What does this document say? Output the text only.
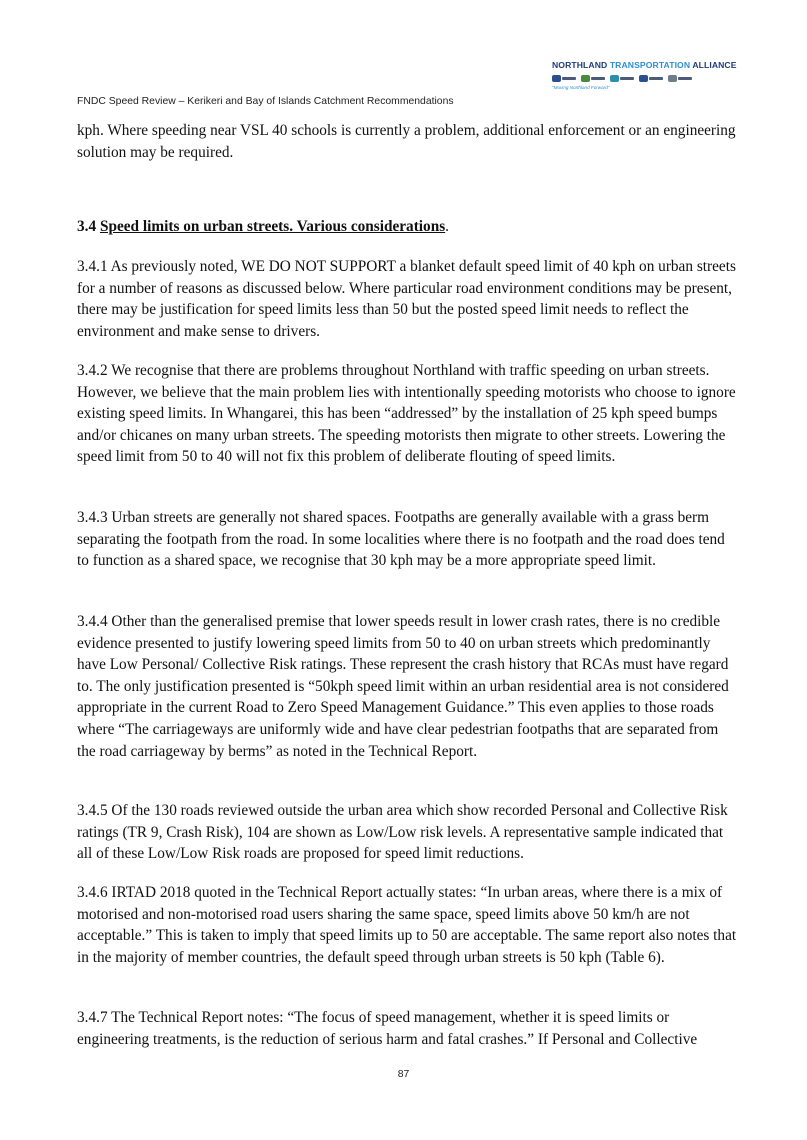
NORTHLAND TRANSPORTATION ALLIANCE
"Moving Northland Forward"
FNDC Speed Review – Kerikeri and Bay of Islands Catchment Recommendations

kph. Where speeding near VSL 40 schools is currently a problem, additional enforcement or an engineering solution may be required.

3.4 Speed limits on urban streets. Various considerations.

3.4.1 As previously noted, WE DO NOT SUPPORT a blanket default speed limit of 40 kph on urban streets for a number of reasons as discussed below. Where particular road environment conditions may be present, there may be justification for speed limits less than 50 but the posted speed limit needs to reflect the environment and make sense to drivers.

3.4.2 We recognise that there are problems throughout Northland with traffic speeding on urban streets. However, we believe that the main problem lies with intentionally speeding motorists who choose to ignore existing speed limits. In Whangarei, this has been “addressed” by the installation of 25 kph speed bumps and/or chicanes on many urban streets. The speeding motorists then migrate to other streets. Lowering the speed limit from 50 to 40 will not fix this problem of deliberate flouting of speed limits.

3.4.3 Urban streets are generally not shared spaces. Footpaths are generally available with a grass berm separating the footpath from the road. In some localities where there is no footpath and the road does tend to function as a shared space, we recognise that 30 kph may be a more appropriate speed limit.

3.4.4 Other than the generalised premise that lower speeds result in lower crash rates, there is no credible evidence presented to justify lowering speed limits from 50 to 40 on urban streets which predominantly have Low Personal/ Collective Risk ratings. These represent the crash history that RCAs must have regard to. The only justification presented is “50kph speed limit within an urban residential area is not considered appropriate in the current Road to Zero Speed Management Guidance.” This even applies to those roads where “The carriageways are uniformly wide and have clear pedestrian footpaths that are separated from the road carriageway by berms” as noted in the Technical Report.

3.4.5 Of the 130 roads reviewed outside the urban area which show recorded Personal and Collective Risk ratings (TR 9, Crash Risk), 104 are shown as Low/Low risk levels. A representative sample indicated that all of these Low/Low Risk roads are proposed for speed limit reductions.

3.4.6 IRTAD 2018 quoted in the Technical Report actually states: “In urban areas, where there is a mix of motorised and non-motorised road users sharing the same space, speed limits above 50 km/h are not acceptable.” This is taken to imply that speed limits up to 50 are acceptable. The same report also notes that in the majority of member countries, the default speed through urban streets is 50 kph (Table 6).

3.4.7 The Technical Report notes: “The focus of speed management, whether it is speed limits or engineering treatments, is the reduction of serious harm and fatal crashes.” If Personal and Collective

87
